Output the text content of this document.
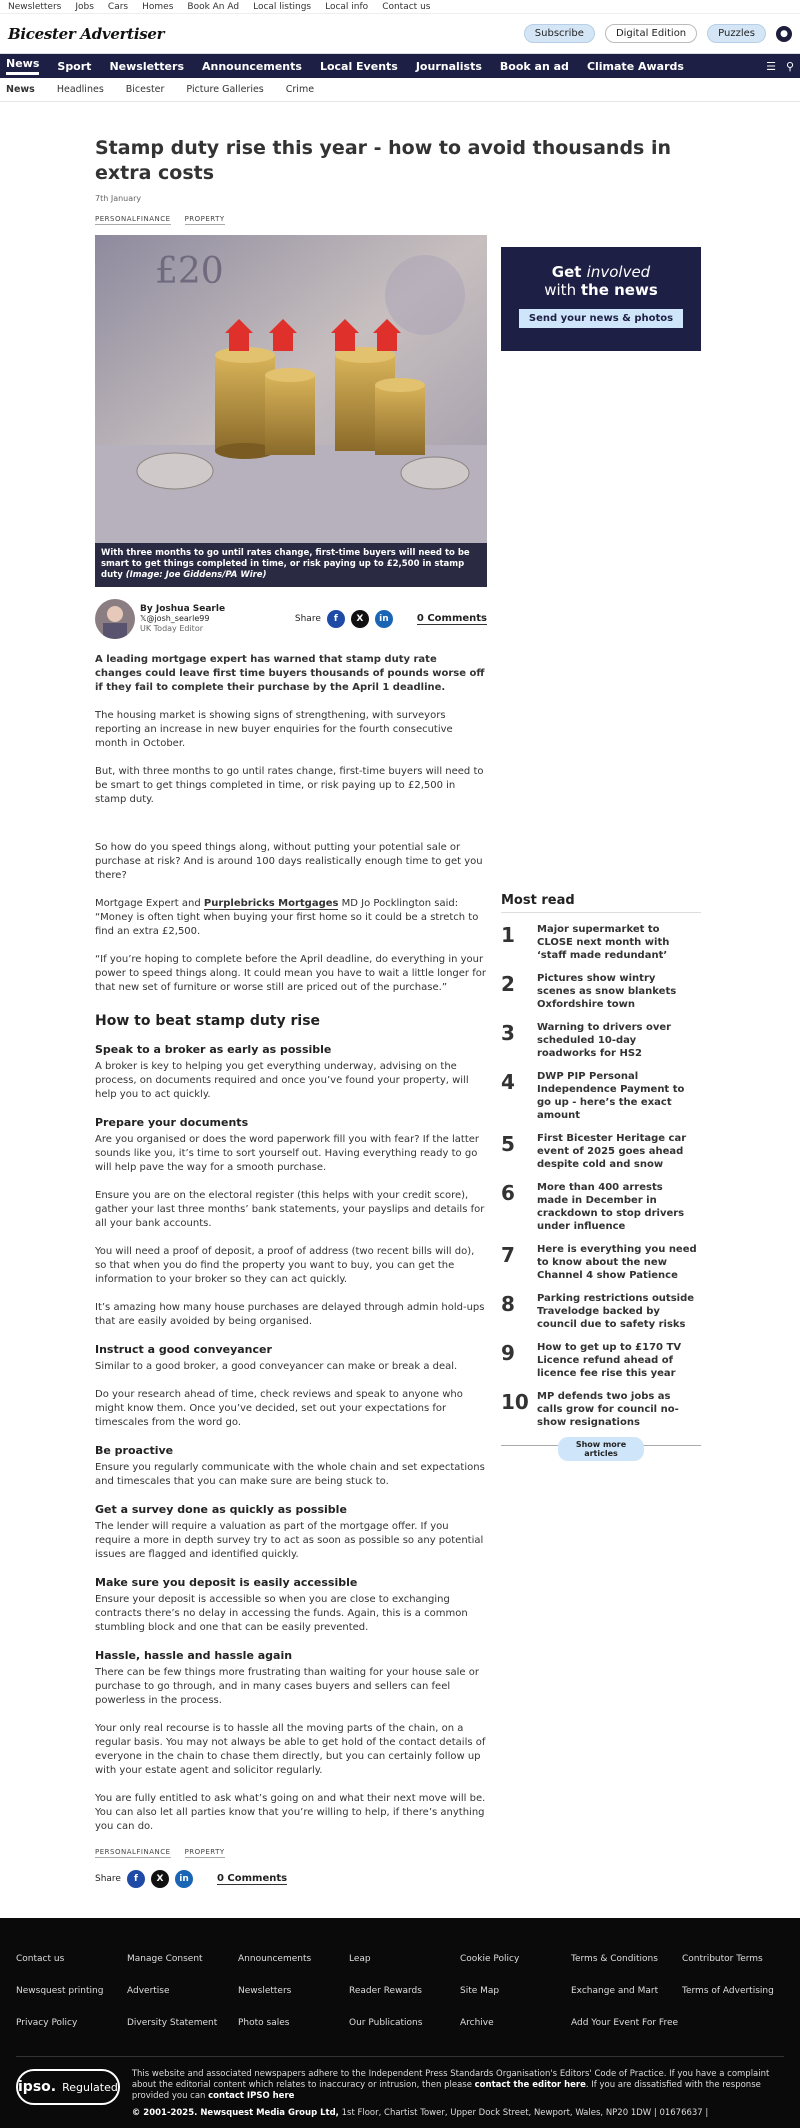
Newsletters Jobs Cars Homes Book An Ad Local listings Local info Contact us
Bicester Advertiser	Subscribe	Digital Edition	Puzzles	●
News Sport Newsletters Announcements Local Events Journalists Book an ad Climate Awards	☰ ⚲
News Headlines Bicester Picture Galleries Crime
Stamp duty rise this year - how to avoid thousands in extra costs
7th January
PERSONALFINANCE PROPERTY
£20
With three months to go until rates change, first-time buyers will need to be smart to get things completed in time, or risk paying up to £2,500 in stamp duty (Image: Joe Giddens/PA Wire)
By Joshua Searle
𝕏@josh_searle99
UK Today Editor
Share	f	X	in	0 Comments

A leading mortgage expert has warned that stamp duty rate changes could leave first time buyers thousands of pounds worse off if they fail to complete their purchase by the April 1 deadline.

The housing market is showing signs of strengthening, with surveyors reporting an increase in new buyer enquiries for the fourth consecutive month in October.

But, with three months to go until rates change, first-time buyers will need to be smart to get things completed in time, or risk paying up to £2,500 in stamp duty.

So how do you speed things along, without putting your potential sale or purchase at risk? And is around 100 days realistically enough time to get you there?

Mortgage Expert and Purplebricks Mortgages MD Jo Pocklington said: “Money is often tight when buying your first home so it could be a stretch to find an extra £2,500.

“If you’re hoping to complete before the April deadline, do everything in your power to speed things along. It could mean you have to wait a little longer for that new set of furniture or worse still are priced out of the purchase.”

How to beat stamp duty rise
Speak to a broker as early as possible

A broker is key to helping you get everything underway, advising on the process, on documents required and once you’ve found your property, will help you to act quickly.

Prepare your documents

Are you organised or does the word paperwork fill you with fear? If the latter sounds like you, it’s time to sort yourself out. Having everything ready to go will help pave the way for a smooth purchase.

Ensure you are on the electoral register (this helps with your credit score), gather your last three months’ bank statements, your payslips and details for all your bank accounts.

You will need a proof of deposit, a proof of address (two recent bills will do), so that when you do find the property you want to buy, you can get the information to your broker so they can act quickly.

It’s amazing how many house purchases are delayed through admin hold-ups that are easily avoided by being organised.

Instruct a good conveyancer

Similar to a good broker, a good conveyancer can make or break a deal.

Do your research ahead of time, check reviews and speak to anyone who might know them. Once you’ve decided, set out your expectations for timescales from the word go.

Be proactive

Ensure you regularly communicate with the whole chain and set expectations and timescales that you can make sure are being stuck to.

Get a survey done as quickly as possible

The lender will require a valuation as part of the mortgage offer. If you require a more in depth survey try to act as soon as possible so any potential issues are flagged and identified quickly.

Make sure you deposit is easily accessible

Ensure your deposit is accessible so when you are close to exchanging contracts there’s no delay in accessing the funds. Again, this is a common stumbling block and one that can be easily prevented.

Hassle, hassle and hassle again

There can be few things more frustrating than waiting for your house sale or purchase to go through, and in many cases buyers and sellers can feel powerless in the process.

Your only real recourse is to hassle all the moving parts of the chain, on a regular basis. You may not always be able to get hold of the contact details of everyone in the chain to chase them directly, but you can certainly follow up with your estate agent and solicitor regularly.

You are fully entitled to ask what’s going on and what their next move will be. You can also let all parties know that you’re willing to help, if there’s anything you can do.

PERSONALFINANCE PROPERTY
Share	f	X	in	0 Comments
Get involved
with the news
Send your news & photos
Most read
1	Major supermarket to CLOSE next month with ‘staff made redundant’
2	Pictures show wintry scenes as snow blankets Oxfordshire town
3	Warning to drivers over scheduled 10-day roadworks for HS2
4	DWP PIP Personal Independence Payment to go up - here’s the exact amount
5	First Bicester Heritage car event of 2025 goes ahead despite cold and snow
6	More than 400 arrests made in December in crackdown to stop drivers under influence
7	Here is everything you need to know about the new Channel 4 show Patience
8	Parking restrictions outside Travelodge backed by council due to safety risks
9	How to get up to £170 TV Licence refund ahead of licence fee rise this year
10 MP defends two jobs as calls grow for council no-show resignations
Show more articles
Contact us	Manage Consent	Announcements	Leap	Cookie Policy	Terms & Conditions	Contributor Terms
Newsquest printing	Advertise	Newsletters	Reader Rewards	Site Map	Exchange and Mart	Terms of Advertising
Privacy Policy	Diversity Statement	Photo sales	Our Publications	Archive	Add Your Event For Free
ipso. Regulated
This website and associated newspapers adhere to the Independent Press Standards Organisation's Editors' Code of Practice. If you have a complaint about the editorial content which relates to inaccuracy or intrusion, then please contact the editor here. If you are dissatisfied with the response provided you can contact IPSO here
© 2001-2025. Newsquest Media Group Ltd, 1st Floor, Chartist Tower, Upper Dock Street, Newport, Wales, NP20 1DW | 01676637 |
